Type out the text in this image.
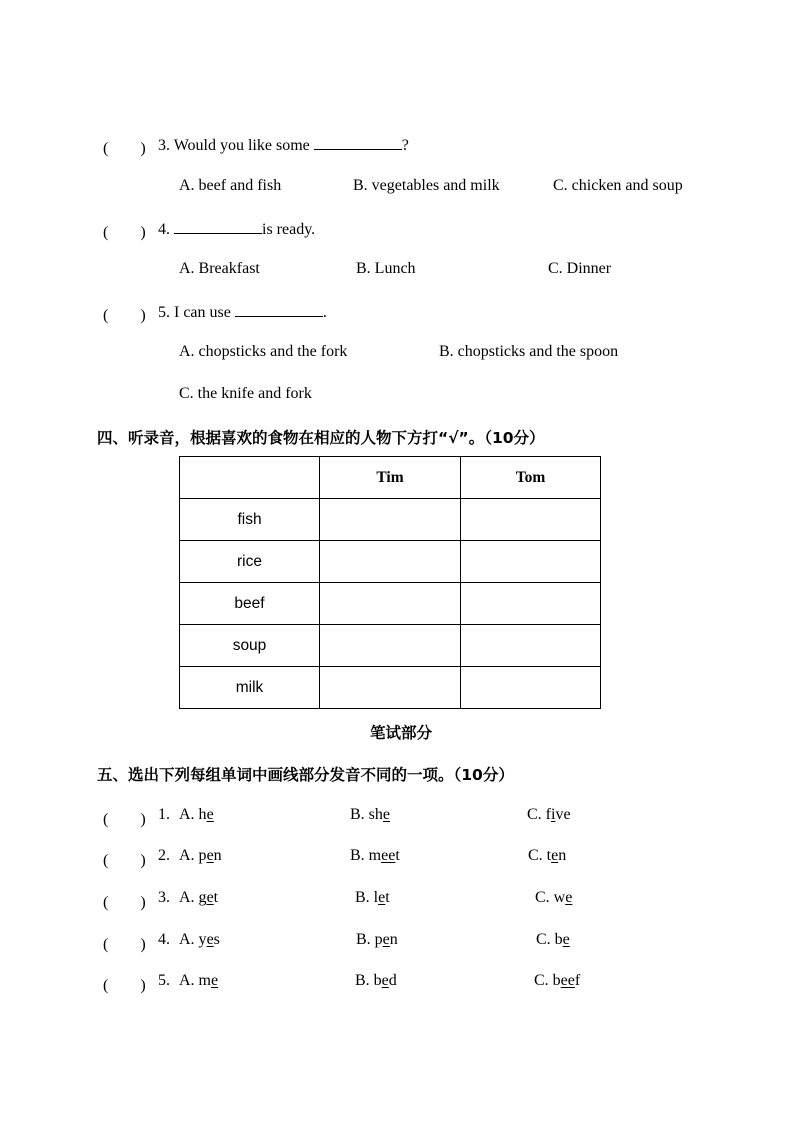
(　　) 3. Would you like some	?
A. beef and fish	B. vegetables and milk	C. chicken and soup
(　　) 4.	is ready.
A. Breakfast	B. Lunch	C. Dinner
(　　) 5. I can use	.
A. chopsticks and the fork	B. chopsticks and the spoon
C. the knife and fork
四、听录音，根据喜欢的食物在相应的人物下方打“√”。（10分）
	Tim	Tom
fish		
rice		
beef		
soup		
milk		
笔试部分
五、选出下列每组单词中画线部分发音不同的一项。（10分）
(　　) 1. A. he	B. she	C. five
(　　) 2. A. pen	B. meet	C. ten
(　　) 3. A. get	B. let	C. we
(　　) 4. A. yes	B. pen	C. be
(　　) 5. A. me	B. bed	C. beef
